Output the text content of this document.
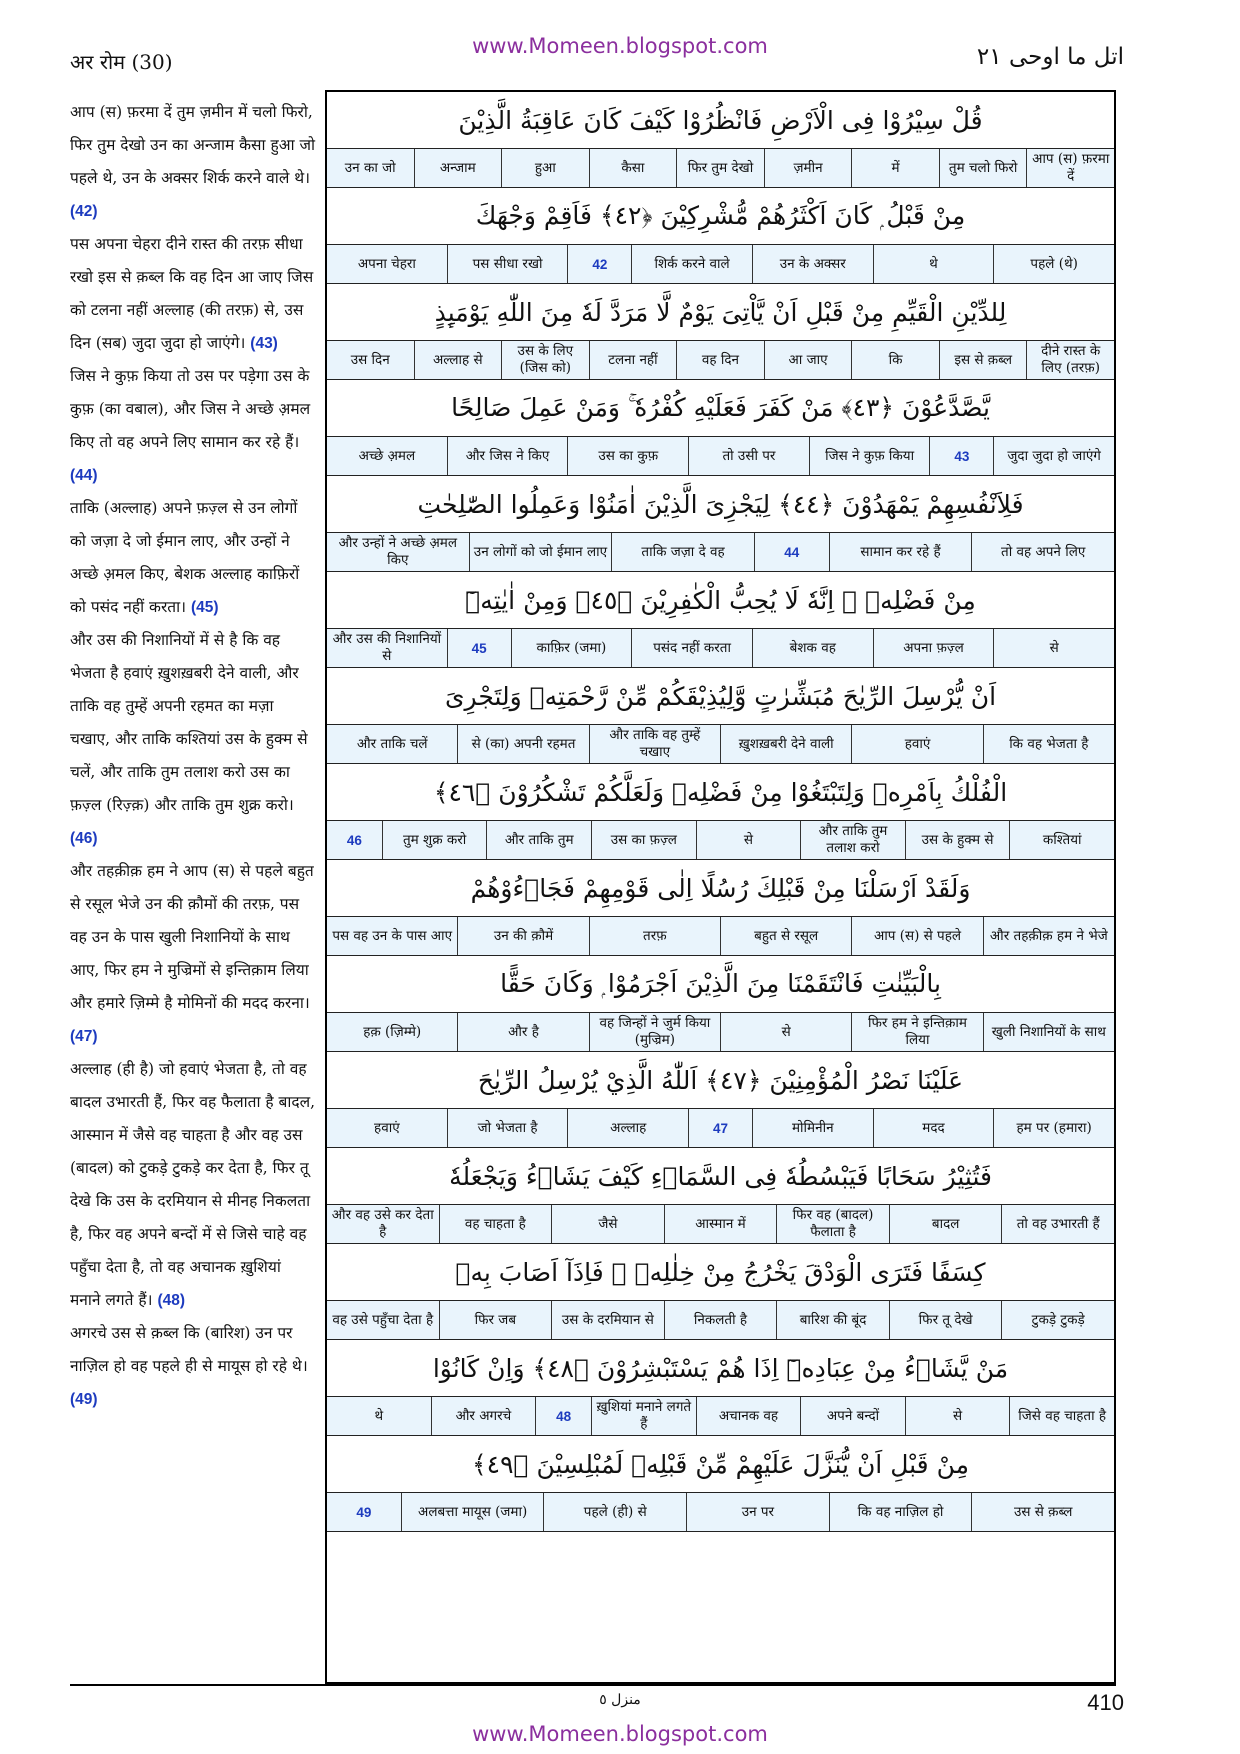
www.Momeen.blogspot.com
अर रोम (30)	اتل ما اوحی ٢١

आप (स) फ़रमा दें तुम ज़मीन में चलो फिरो, फिर तुम देखो उन का अन्जाम कैसा हुआ जो पहले थे, उन के अक्सर शिर्क करने वाले थे। (42)

पस अपना चेहरा दीने रास्त की तरफ़ सीधा रखो इस से क़ब्ल कि वह दिन आ जाए जिस को टलना नहीं अल्लाह (की तरफ़) से, उस दिन (सब) जुदा जुदा हो जाएंगे। (43)

जिस ने कुफ़ किया तो उस पर पड़ेगा उस के कुफ़ (का वबाल), और जिस ने अच्छे अ़मल किए तो वह अपने लिए सामान कर रहे हैं। (44)

ताकि (अल्लाह) अपने फ़ज़्ल से उन लोगों को जज़ा दे जो ईमान लाए, और उन्हों ने अच्छे अ़मल किए, बेशक अल्लाह काफ़िरों को पसंद नहीं करता। (45)

और उस की निशानियों में से है कि वह भेजता है हवाएं ख़ुशख़बरी देने वाली, और ताकि वह तुम्हें अपनी रहमत का मज़ा चखाए, और ताकि कश्तियां उस के हुक्म से चलें, और ताकि तुम तलाश करो उस का फ़ज़्ल (रिज़्क़) और ताकि तुम शुक्र करो। (46)

और तहक़ीक़ हम ने आप (स) से पहले बहुत से रसूल भेजे उन की क़ौमों की तरफ़, पस वह उन के पास खुली निशानियों के साथ आए, फिर हम ने मुज्रिमों से इन्तिक़ाम लिया और हमारे ज़िम्मे है मोमिनों की मदद करना। (47)

अल्लाह (ही है) जो हवाएं भेजता है, तो वह बादल उभारती हैं, फिर वह फैलाता है बादल, आस्मान में जैसे वह चाहता है और वह उस (बादल) को टुकड़े टुकड़े कर देता है, फिर तू देखे कि उस के दरमियान से मीनह निकलता है, फिर वह अपने बन्दों में से जिसे चाहे वह पहुँचा देता है, तो वह अचानक ख़ुशियां मनाने लगते हैं। (48)

अगरचे उस से क़ब्ल कि (बारिश) उन पर नाज़िल हो वह पहले ही से मायूस हो रहे थे। (49)

قُلْ سِيْرُوْا فِى الْاَرْضِ فَانْظُرُوْا كَيْفَ كَانَ عَاقِبَةُ الَّذِيْنَ
आप (स) फ़रमा दें
तुम चलो फिरो
में
ज़मीन
फिर तुम देखो
कैसा
हुआ
अन्जाम
उन का जो
مِنْ قَبْلُ ۭ كَانَ اَكْثَرُهُمْ مُّشْرِكِيْنَ ﴿٤٢﴾ فَاَقِمْ وَجْهَكَ
पहले (थे)
थे
उन के अक्सर
शिर्क करने वाले
42
पस सीधा रखो
अपना चेहरा
لِلدِّيْنِ الْقَيِّمِ مِنْ قَبْلِ اَنْ يَّاْتِىَ يَوْمٌ لَّا مَرَدَّ لَهٗ مِنَ اللّٰهِ يَوْمَىِٕذٍ
दीने रास्त के लिए (तरफ़)
इस से क़ब्ल
कि
आ जाए
वह दिन
टलना नहीं
उस के लिए (जिस को)
अल्लाह से
उस दिन
يَّصَّدَّعُوْنَ ﴿٤٣﴾ مَنْ كَفَرَ فَعَلَيْهِ كُفْرُهٗ ۚ وَمَنْ عَمِلَ صَالِحًا
जुदा जुदा हो जाएंगे
43
जिस ने कुफ़ किया
तो उसी पर
उस का कुफ़
और जिस ने किए
अच्छे अ़मल
فَلِاَنْفُسِهِمْ يَمْهَدُوْنَ ﴿٤٤﴾ لِيَجْزِىَ الَّذِيْنَ اٰمَنُوْا وَعَمِلُوا الصّٰلِحٰتِ
तो वह अपने लिए
सामान कर रहे हैं
44
ताकि जज़ा दे वह
उन लोगों को जो ईमान लाए
और उन्हों ने अच्छे अ़मल किए
مِنْ فَضْلِهٖ ۭ اِنَّهٗ لَا يُحِبُّ الْكٰفِرِيْنَ ﴿٤٥﴾ وَمِنْ اٰيٰتِهٖٓ
से
अपना फ़ज़्ल
बेशक वह
पसंद नहीं करता
काफ़िर (जमा)
45
और उस की निशानियों से
اَنْ يُّرْسِلَ الرِّيٰحَ مُبَشِّرٰتٍ وَّلِيُذِيْقَكُمْ مِّنْ رَّحْمَتِهٖ وَلِتَجْرِىَ
कि वह भेजता है
हवाएं
ख़ुशख़बरी देने वाली
और ताकि वह तुम्हें चखाए
से (का) अपनी रहमत
और ताकि चलें
الْفُلْكُ بِاَمْرِهٖ وَلِتَبْتَغُوْا مِنْ فَضْلِهٖ وَلَعَلَّكُمْ تَشْكُرُوْنَ ﴿٤٦﴾
कश्तियां
उस के हुक्म से
और ताकि तुम तलाश करो
से
उस का फ़ज़्ल
और ताकि तुम
तुम शुक्र करो
46
وَلَقَدْ اَرْسَلْنَا مِنْ قَبْلِكَ رُسُلًا اِلٰى قَوْمِهِمْ فَجَاۗءُوْهُمْ
और तहक़ीक़ हम ने भेजे
आप (स) से पहले
बहुत से रसूल
तरफ़
उन की क़ौमें
पस वह उन के पास आए
بِالْبَيِّنٰتِ فَانْتَقَمْنَا مِنَ الَّذِيْنَ اَجْرَمُوْا ۭ وَكَانَ حَقًّا
खुली निशानियों के साथ
फिर हम ने इन्तिक़ाम लिया
से
वह जिन्हों ने जुर्म किया (मुज्रिम)
और है
हक़ (ज़िम्मे)
عَلَيْنَا نَصْرُ الْمُؤْمِنِيْنَ ﴿٤٧﴾ اَللّٰهُ الَّذِيْ يُرْسِلُ الرِّيٰحَ
हम पर (हमारा)
मदद
मोमिनीन
47
अल्लाह
जो भेजता है
हवाएं
فَتُثِيْرُ سَحَابًا فَيَبْسُطُهٗ فِى السَّمَاۗءِ كَيْفَ يَشَاۗءُ وَيَجْعَلُهٗ
तो वह उभारती हैं
बादल
फिर वह (बादल) फैलाता है
आस्मान में
जैसे
वह चाहता है
और वह उसे कर देता है
كِسَفًا فَتَرَى الْوَدْقَ يَخْرُجُ مِنْ خِلٰلِهٖ ۚ فَاِذَآ اَصَابَ بِهٖ
टुकड़े टुकड़े
फिर तू देखे
बारिश की बूंद
निकलती है
उस के दरमियान से
फिर जब
वह उसे पहुँचा देता है
مَنْ يَّشَاۗءُ مِنْ عِبَادِهٖٓ اِذَا هُمْ يَسْتَبْشِرُوْنَ ﴿٤٨﴾ وَاِنْ كَانُوْا
जिसे वह चाहता है
से
अपने बन्दों
अचानक वह
ख़ुशियां मनाने लगते हैं
48
और अगरचे
थे
مِنْ قَبْلِ اَنْ يُّنَزَّلَ عَلَيْهِمْ مِّنْ قَبْلِهٖ لَمُبْلِسِيْنَ ﴿٤٩﴾
उस से क़ब्ल
कि वह नाज़िल हो
उन पर
पहले (ही) से
अलबत्ता मायूस (जमा)
49
منزل ٥	410
www.Momeen.blogspot.com
